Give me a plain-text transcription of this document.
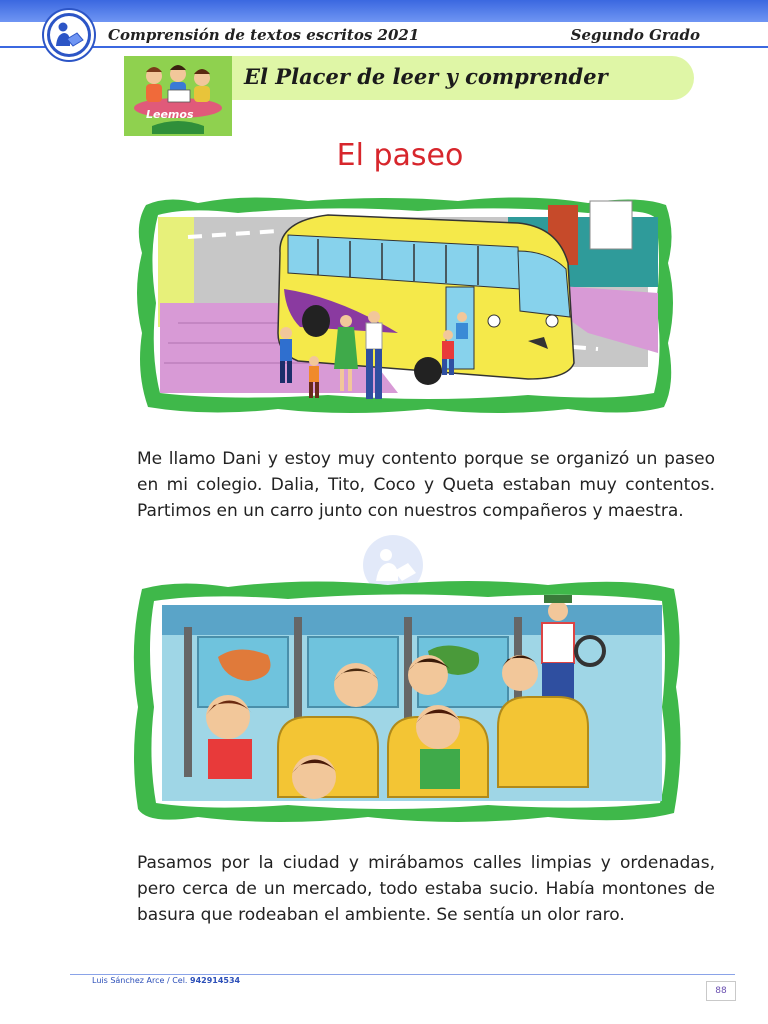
Comprensión de textos escritos 2021	Segundo Grado
Leemos
El Placer de leer y comprender
El paseo

Me llamo Dani y estoy muy contento porque se organizó un paseo en mi colegio. Dalia, Tito, Coco y Queta estaban muy contentos. Partimos en un carro junto con nuestros compañeros y maestra.

Pasamos por la ciudad y mirábamos calles limpias y ordenadas, pero cerca de un mercado, todo estaba sucio. Había montones de basura que rodeaban el ambiente. Se sentía un olor raro.

Luis Sánchez Arce / Cel. 942914534
88
